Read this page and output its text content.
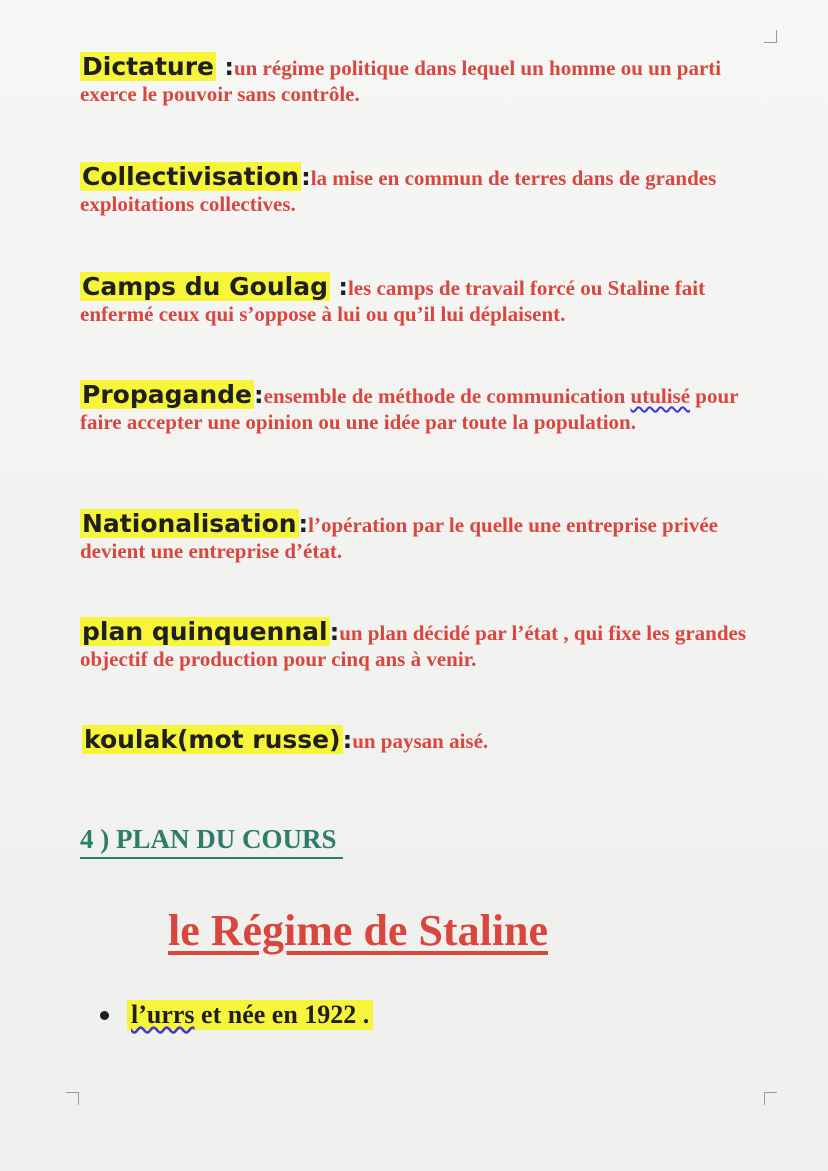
Dictature :un régime politique dans lequel un homme ou un parti exerce le pouvoir sans contrôle.
Collectivisation:la mise en commun de terres dans de grandes exploitations collectives.
Camps du Goulag :les camps de travail forcé ou Staline fait enfermé ceux qui s’oppose à lui ou qu’il lui déplaisent.
Propagande:ensemble de méthode de communication utulisé pour faire accepter une opinion ou une idée par toute la population.
Nationalisation:l’opération par le quelle une entreprise privée devient une entreprise d’état.
plan quinquennal:un plan décidé par l’état , qui fixe les grandes objectif de production pour cinq ans à venir.
koulak(mot russe):un paysan aisé.
4 ) PLAN DU COURS
le Régime de Staline
l’urrs et née en 1922 .
